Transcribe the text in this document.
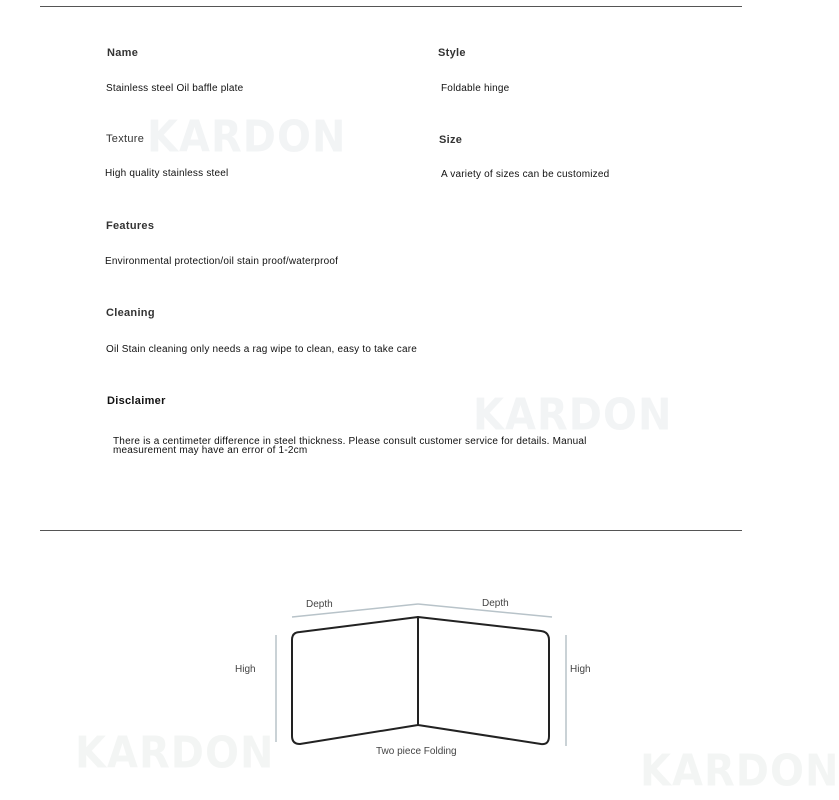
KARDON
KARDON
KARDON	KARDON
Name	Style
Stainless steel Oil baffle plate	Foldable hinge
Texture	Size
High quality stainless steel	A variety of sizes can be customized
Features
Environmental protection/oil stain proof/waterproof
Cleaning
Oil Stain cleaning only needs a rag wipe to clean, easy to take care
Disclaimer
There is a centimeter difference in steel thickness. Please consult customer service for details. Manual measurement may have an error of 1-2cm
Depth	Depth
High	High
Two piece Folding
